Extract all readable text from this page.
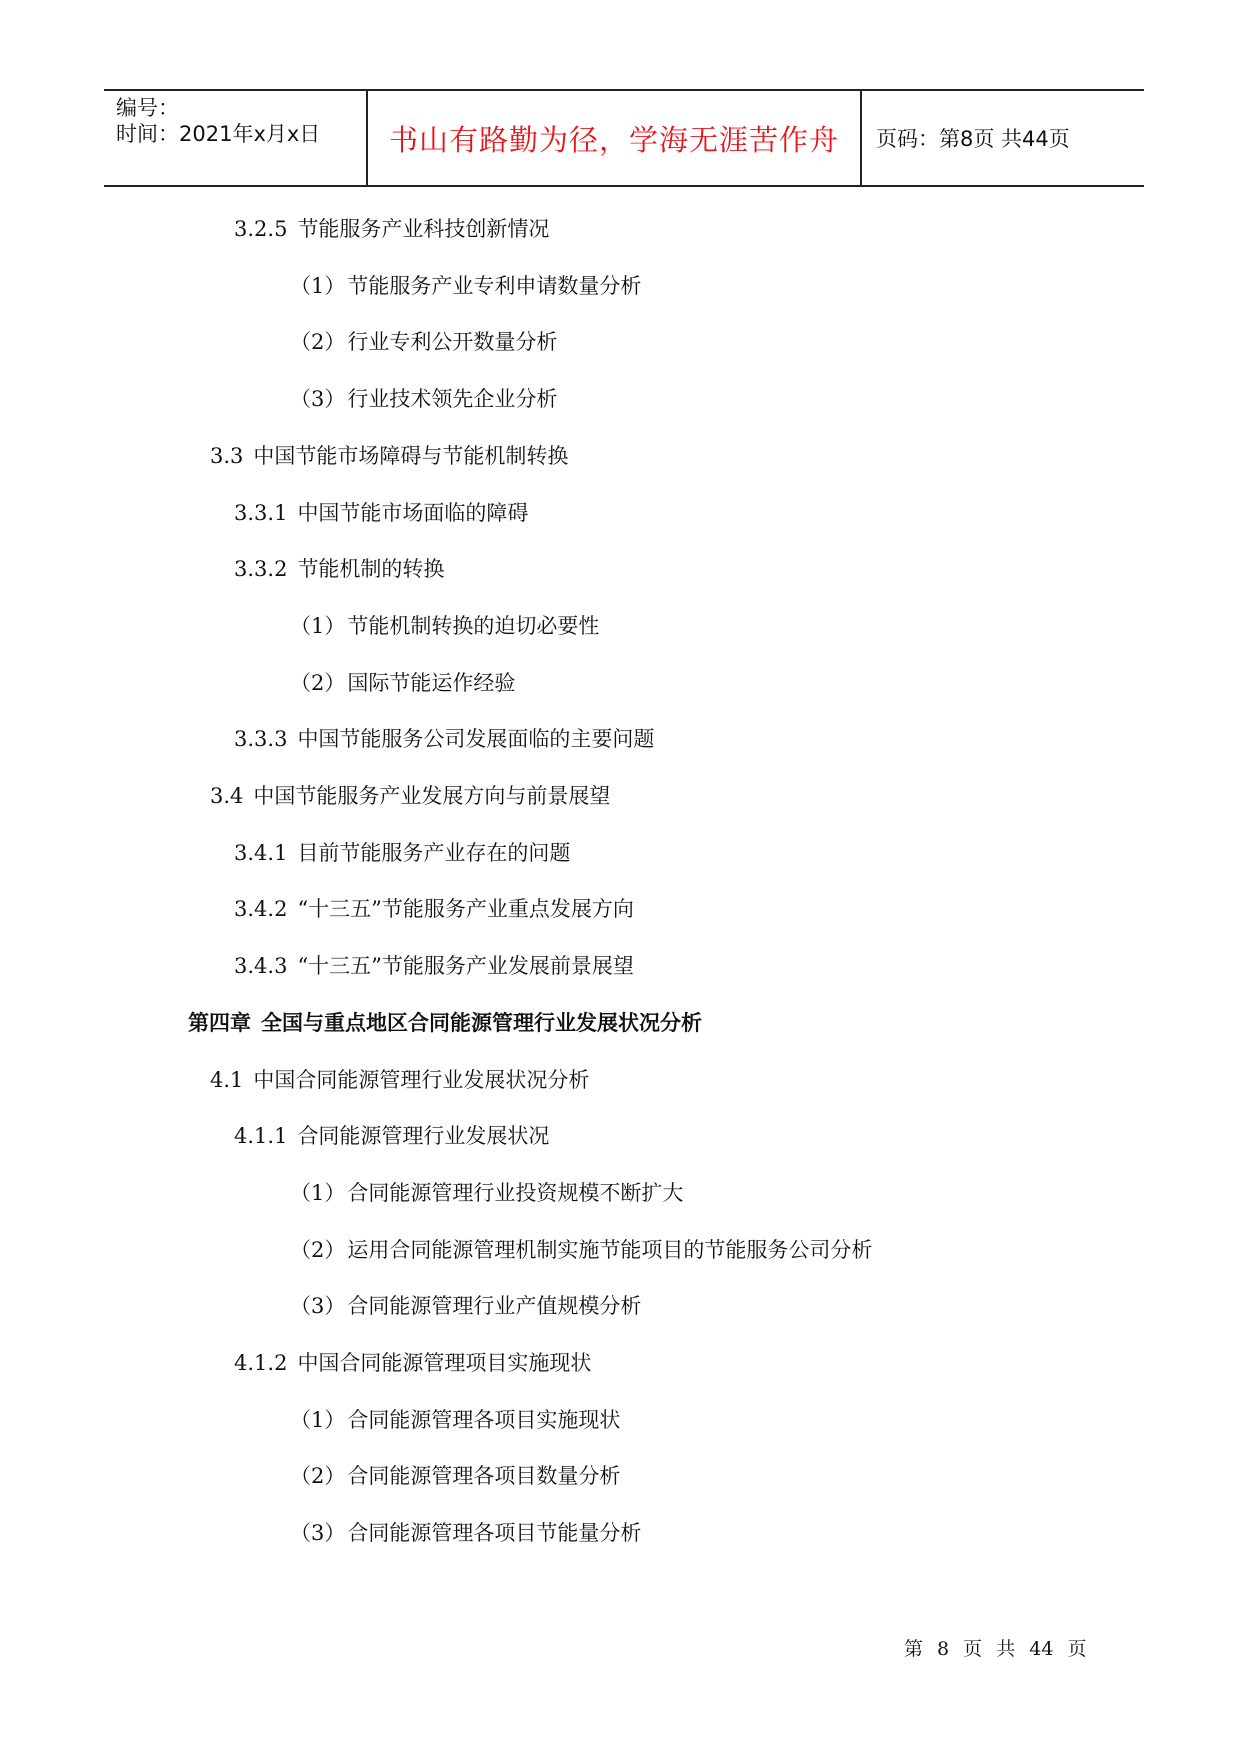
编号：
时间：2021年x月x日 书山有路勤为径，学海无涯苦作舟 页码：第8页 共44页
3.2.5 节能服务产业科技创新情况
（1）节能服务产业专利申请数量分析
（2）行业专利公开数量分析
（3）行业技术领先企业分析
3.3 中国节能市场障碍与节能机制转换
3.3.1 中国节能市场面临的障碍
3.3.2 节能机制的转换
（1）节能机制转换的迫切必要性
（2）国际节能运作经验
3.3.3 中国节能服务公司发展面临的主要问题
3.4 中国节能服务产业发展方向与前景展望
3.4.1 目前节能服务产业存在的问题
3.4.2 “十三五”节能服务产业重点发展方向
3.4.3 “十三五”节能服务产业发展前景展望
第四章 全国与重点地区合同能源管理行业发展状况分析
4.1 中国合同能源管理行业发展状况分析
4.1.1 合同能源管理行业发展状况
（1）合同能源管理行业投资规模不断扩大
（2）运用合同能源管理机制实施节能项目的节能服务公司分析
（3）合同能源管理行业产值规模分析
4.1.2 中国合同能源管理项目实施现状
（1）合同能源管理各项目实施现状
（2）合同能源管理各项目数量分析
（3）合同能源管理各项目节能量分析
第 8 页 共 44 页
